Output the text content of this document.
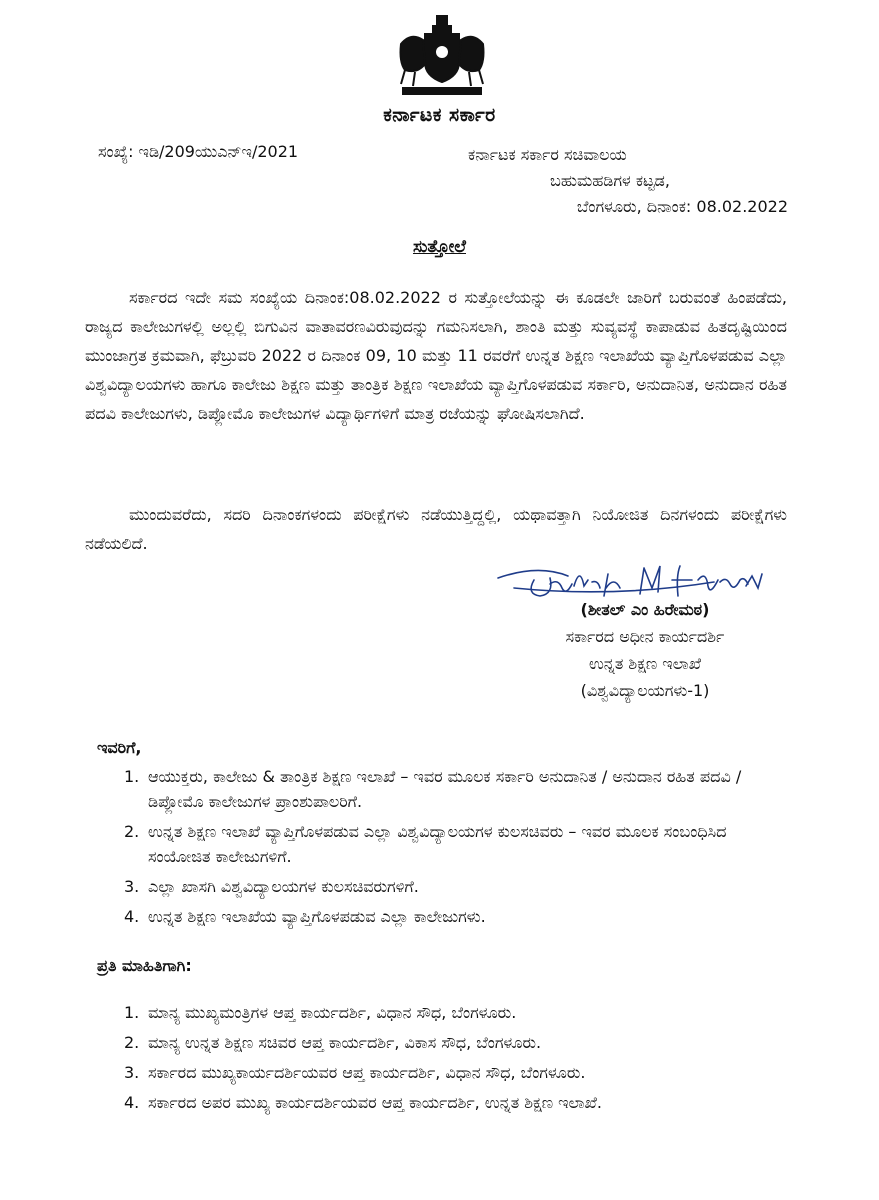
ಕರ್ನಾಟಕ ಸರ್ಕಾರ
ಸಂಖ್ಯೆ: ಇಡಿ/209ಯುಎನ್‌ಇ/2021	ಕರ್ನಾಟಕ ಸರ್ಕಾರ ಸಚಿವಾಲಯ
ಬಹುಮಹಡಿಗಳ ಕಟ್ಟಡ,
ಬೆಂಗಳೂರು, ದಿನಾಂಕ: 08.02.2022
ಸುತ್ತೋಲೆ

ಸರ್ಕಾರದ ಇದೇ ಸಮ ಸಂಖ್ಯೆಯ ದಿನಾಂಕ:08.02.2022 ರ ಸುತ್ತೋಲೆಯನ್ನು ಈ ಕೂಡಲೇ ಜಾರಿಗೆ ಬರುವಂತೆ ಹಿಂಪಡೆದು, ರಾಜ್ಯದ ಕಾಲೇಜುಗಳಲ್ಲಿ ಅಲ್ಲಲ್ಲಿ ಬಿಗುವಿನ ವಾತಾವರಣವಿರುವುದನ್ನು ಗಮನಿಸಲಾಗಿ, ಶಾಂತಿ ಮತ್ತು ಸುವ್ಯವಸ್ಥೆ ಕಾಪಾಡುವ ಹಿತದೃಷ್ಟಿಯಿಂದ ಮುಂಜಾಗ್ರತ ಕ್ರಮವಾಗಿ, ಫೆಬ್ರುವರಿ 2022 ರ ದಿನಾಂಕ 09, 10 ಮತ್ತು 11 ರವರೆಗೆ ಉನ್ನತ ಶಿಕ್ಷಣ ಇಲಾಖೆಯ ವ್ಯಾಪ್ತಿಗೊಳಪಡುವ ಎಲ್ಲಾ ವಿಶ್ವವಿದ್ಯಾಲಯಗಳು ಹಾಗೂ ಕಾಲೇಜು ಶಿಕ್ಷಣ ಮತ್ತು ತಾಂತ್ರಿಕ ಶಿಕ್ಷಣ ಇಲಾಖೆಯ ವ್ಯಾಪ್ತಿಗೊಳಪಡುವ ಸರ್ಕಾರಿ, ಅನುದಾನಿತ, ಅನುದಾನ ರಹಿತ ಪದವಿ ಕಾಲೇಜುಗಳು, ಡಿಪ್ಲೋಮೊ ಕಾಲೇಜುಗಳ ವಿದ್ಯಾರ್ಥಿಗಳಿಗೆ ಮಾತ್ರ ರಜೆಯನ್ನು ಘೋಷಿಸಲಾಗಿದೆ.

ಮುಂದುವರೆದು, ಸದರಿ ದಿನಾಂಕಗಳಂದು ಪರೀಕ್ಷೆಗಳು ನಡೆಯುತ್ತಿದ್ದಲ್ಲಿ, ಯಥಾವತ್ತಾಗಿ ನಿಯೋಜಿತ ದಿನಗಳಂದು ಪರೀಕ್ಷೆಗಳು ನಡೆಯಲಿದೆ.

(ಶೀತಲ್ ಎಂ ಹಿರೇಮಠ)
ಸರ್ಕಾರದ ಅಧೀನ ಕಾರ್ಯದರ್ಶಿ
ಉನ್ನತ ಶಿಕ್ಷಣ ಇಲಾಖೆ
(ವಿಶ್ವವಿದ್ಯಾಲಯಗಳು-1)
ಇವರಿಗೆ,
1. ಆಯುಕ್ತರು, ಕಾಲೇಜು & ತಾಂತ್ರಿಕ ಶಿಕ್ಷಣ ಇಲಾಖೆ – ಇವರ ಮೂಲಕ ಸರ್ಕಾರಿ ಅನುದಾನಿತ / ಅನುದಾನ ರಹಿತ ಪದವಿ / ಡಿಪ್ಲೋಮೊ ಕಾಲೇಜುಗಳ ಪ್ರಾಂಶುಪಾಲರಿಗೆ.
2. ಉನ್ನತ ಶಿಕ್ಷಣ ಇಲಾಖೆ ವ್ಯಾಪ್ತಿಗೊಳಪಡುವ ಎಲ್ಲಾ ವಿಶ್ವವಿದ್ಯಾಲಯಗಳ ಕುಲಸಚಿವರು – ಇವರ ಮೂಲಕ ಸಂಬಂಧಿಸಿದ ಸಂಯೋಜಿತ ಕಾಲೇಜುಗಳಿಗೆ.
3. ಎಲ್ಲಾ ಖಾಸಗಿ ವಿಶ್ವವಿದ್ಯಾಲಯಗಳ ಕುಲಸಚಿವರುಗಳಿಗೆ.
4. ಉನ್ನತ ಶಿಕ್ಷಣ ಇಲಾಖೆಯ ವ್ಯಾಪ್ತಿಗೊಳಪಡುವ ಎಲ್ಲಾ ಕಾಲೇಜುಗಳು.
ಪ್ರತಿ ಮಾಹಿತಿಗಾಗಿ:
1. ಮಾನ್ಯ ಮುಖ್ಯಮಂತ್ರಿಗಳ ಆಪ್ತ ಕಾರ್ಯದರ್ಶಿ, ವಿಧಾನ ಸೌಧ, ಬೆಂಗಳೂರು.
2. ಮಾನ್ಯ ಉನ್ನತ ಶಿಕ್ಷಣ ಸಚಿವರ ಆಪ್ತ ಕಾರ್ಯದರ್ಶಿ, ವಿಕಾಸ ಸೌಧ, ಬೆಂಗಳೂರು.
3. ಸರ್ಕಾರದ ಮುಖ್ಯಕಾರ್ಯದರ್ಶಿಯವರ ಆಪ್ತ ಕಾರ್ಯದರ್ಶಿ, ವಿಧಾನ ಸೌಧ, ಬೆಂಗಳೂರು.
4. ಸರ್ಕಾರದ ಅಪರ ಮುಖ್ಯ ಕಾರ್ಯದರ್ಶಿಯವರ ಆಪ್ತ ಕಾರ್ಯದರ್ಶಿ, ಉನ್ನತ ಶಿಕ್ಷಣ ಇಲಾಖೆ.
